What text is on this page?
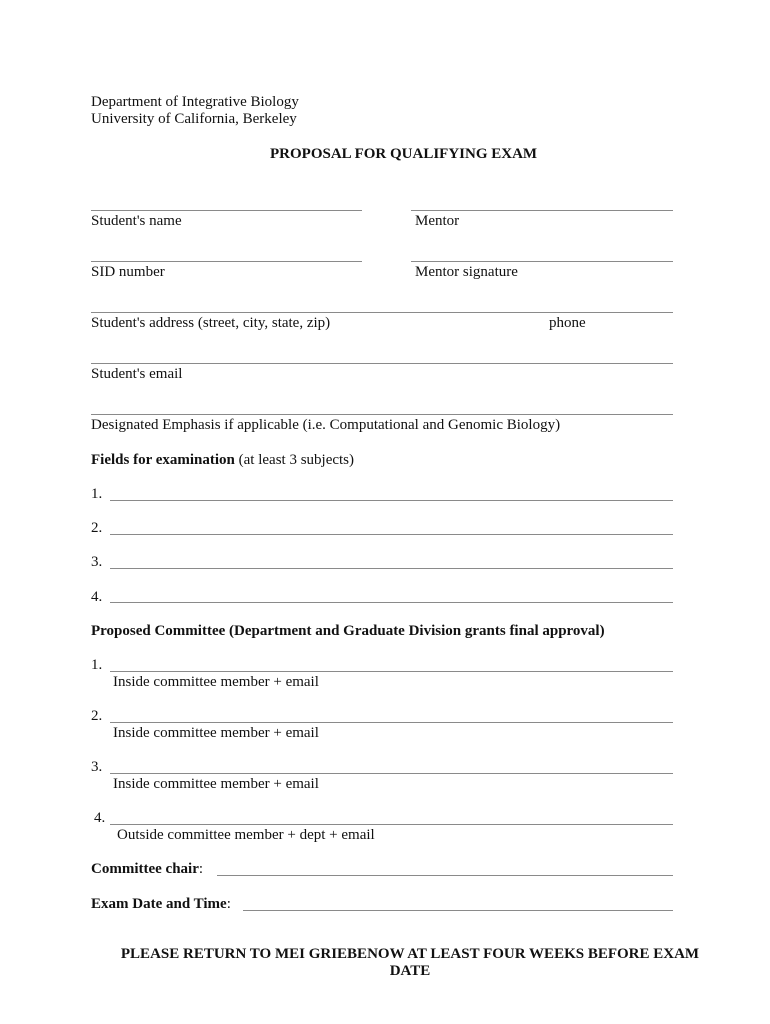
Department of Integrative Biology
University of California, Berkeley
PROPOSAL FOR QUALIFYING EXAM
Student's name	Mentor
SID number	Mentor signature
Student's address (street, city, state, zip)	phone
Student's email
Designated Emphasis if applicable (i.e. Computational and Genomic Biology)
Fields for examination (at least 3 subjects)
1.
2.
3.
4.
Proposed Committee (Department and Graduate Division grants final approval)
1.
Inside committee member + email
2.
Inside committee member + email
3.
Inside committee member + email
4.
Outside committee member + dept + email
Committee chair:
Exam Date and Time:
PLEASE RETURN TO MEI GRIEBENOW AT LEAST FOUR WEEKS BEFORE EXAM DATE
